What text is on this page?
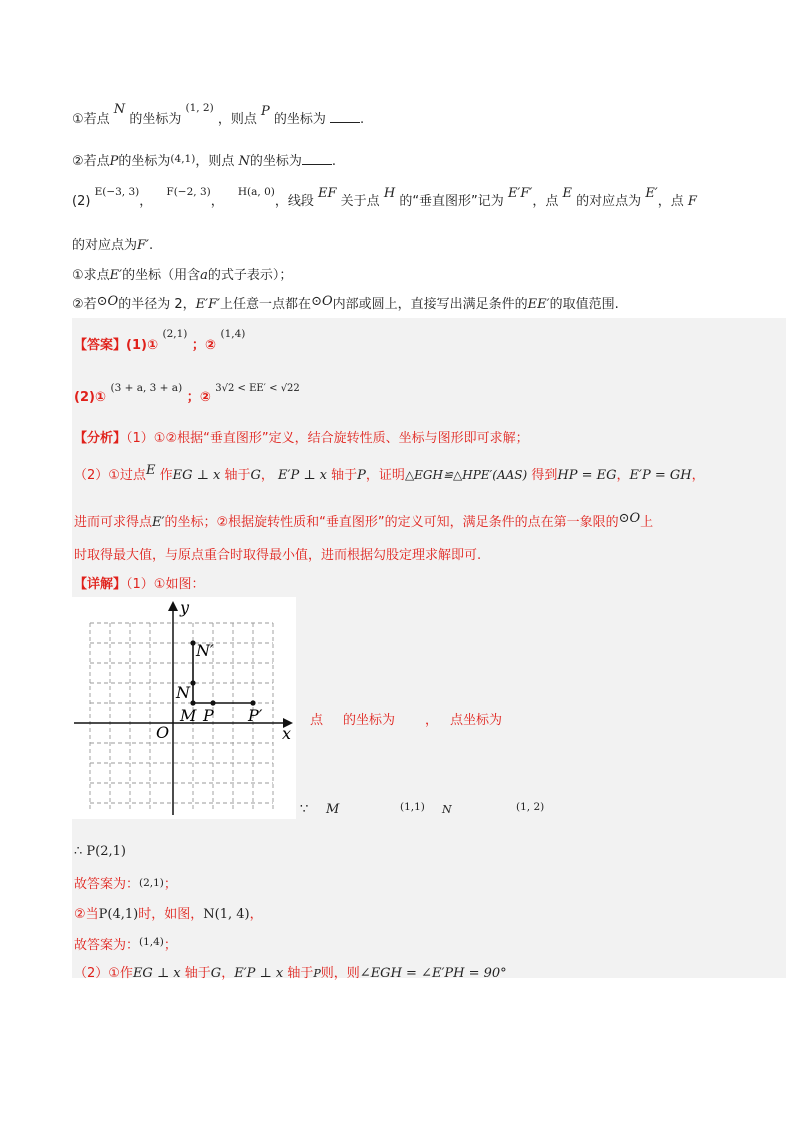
①若点 N 的坐标为 $^{(1, 2)}$ ，则点 P 的坐标为	.
②若点P的坐标为$^{(4,1)}$，则点 N的坐标为 .
(2) $^{E(-3, 3)}$， $^{F(-2, 3)}$， $^{H(a, 0)}$，线段 EF 关于点 H 的“垂直图形”记为 E′F′，点 E 的对应点为 E′，点 F
的对应点为F′.
①求点E′的坐标（用含a的式子表示）；
②若⊙O的半径为 2，E′F′上任意一点都在⊙O内部或圆上，直接写出满足条件的EE′的取值范围.
【答案】(1)① $^{(2,1)}$ ；② $^{(1,4)}$
(2)① $^{(3 + a, 3 + a)}$ ；② $^{3√2 < EE' < √22}$
【分析】（1）①②根据“垂直图形”定义，结合旋转性质、坐标与图形即可求解；
（2）①过点E 作EG ⊥ x 轴于G， E′P ⊥ x 轴于P，证明△EGH≌△HPE′(AAS) 得到HP = EG，E′P = GH，
进而可求得点E′的坐标；②根据旋转性质和“垂直图形”的定义可知，满足条件的点在第一象限的⊙O上
时取得最大值，与原点重合时取得最小值，进而根据勾股定理求解即可.
【详解】（1）①如图：
y
x
O
N′
N
M P P′	点 的坐标为 ， 点坐标为
∵ M	(1,1) N	(1, 2)
∴ P(2,1)
故答案为：(2,1)；
②当P(4,1)时，如图，N(1, 4)，
故答案为：$^{(1,4)}$；
（2）①作EG ⊥ x 轴于G，E′P ⊥ x 轴于P则，则∠EGH = ∠E′PH = 90°
